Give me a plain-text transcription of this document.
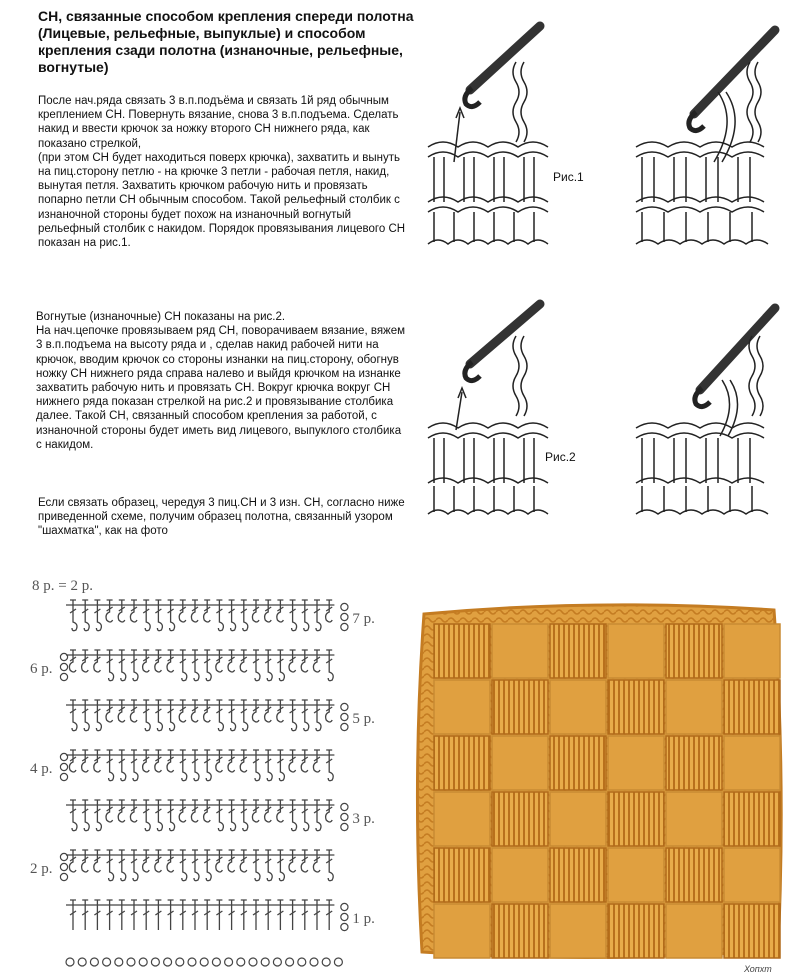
СН, связанные способом крепления спереди полотна (Лицевые, рельефные, выпуклые) и способом крепления сзади полотна (изнаночные, рельефные, вогнутые)
После нач.ряда связать 3 в.п.подъёма и связать 1й ряд обычным креплением СН. Повернуть вязание, снова 3 в.п.подъема. Сделать накид и ввести крючок за ножку второго СН нижнего ряда, как показано стрелкой,
(при этом СН будет находиться поверх крючка), захватить и вынуть на пиц.сторону петлю - на крючке 3 петли - рабочая петля, накид, вынутая петля. Захватить крючком рабочую нить и провязать попарно петли СН обычным способом. Такой рельефный столбик с изнаночной стороны будет похож на изнаночный вогнутый рельефный столбик с накидом. Порядок провязывания лицевого СН показан на рис.1.
Вогнутые (изнаночные) СН показаны на рис.2.
На нач.цепочке провязываем ряд СН, поворачиваем вязание, вяжем 3 в.п.подъема на высоту ряда и , сделав накид рабочей нити на крючок, вводим крючок со стороны изнанки на пиц.сторону, обогнув ножку СН нижнего ряда справа налево и выйдя крючком на изнанке захватить рабочую нить и провязать СН. Вокруг крючка вокруг СН нижнего ряда показан стрелкой на рис.2 и провязывание столбика далее. Такой СН, связанный способом крепления за работой, с изнаночной стороны будет иметь вид лицевого, выпуклого столбика с накидом.
Если связать образец, чередуя 3 пиц.СН и 3 изн. СН, согласно ниже приведенной схеме, получим образец полотна, связанный узором "шахматка", как на фото
Рис.1
Рис.2
8 р. = 2 р.
7 р.
6 р.
5 р.
4 р.
3 р.
2 р.
1 р.
Хопхт
